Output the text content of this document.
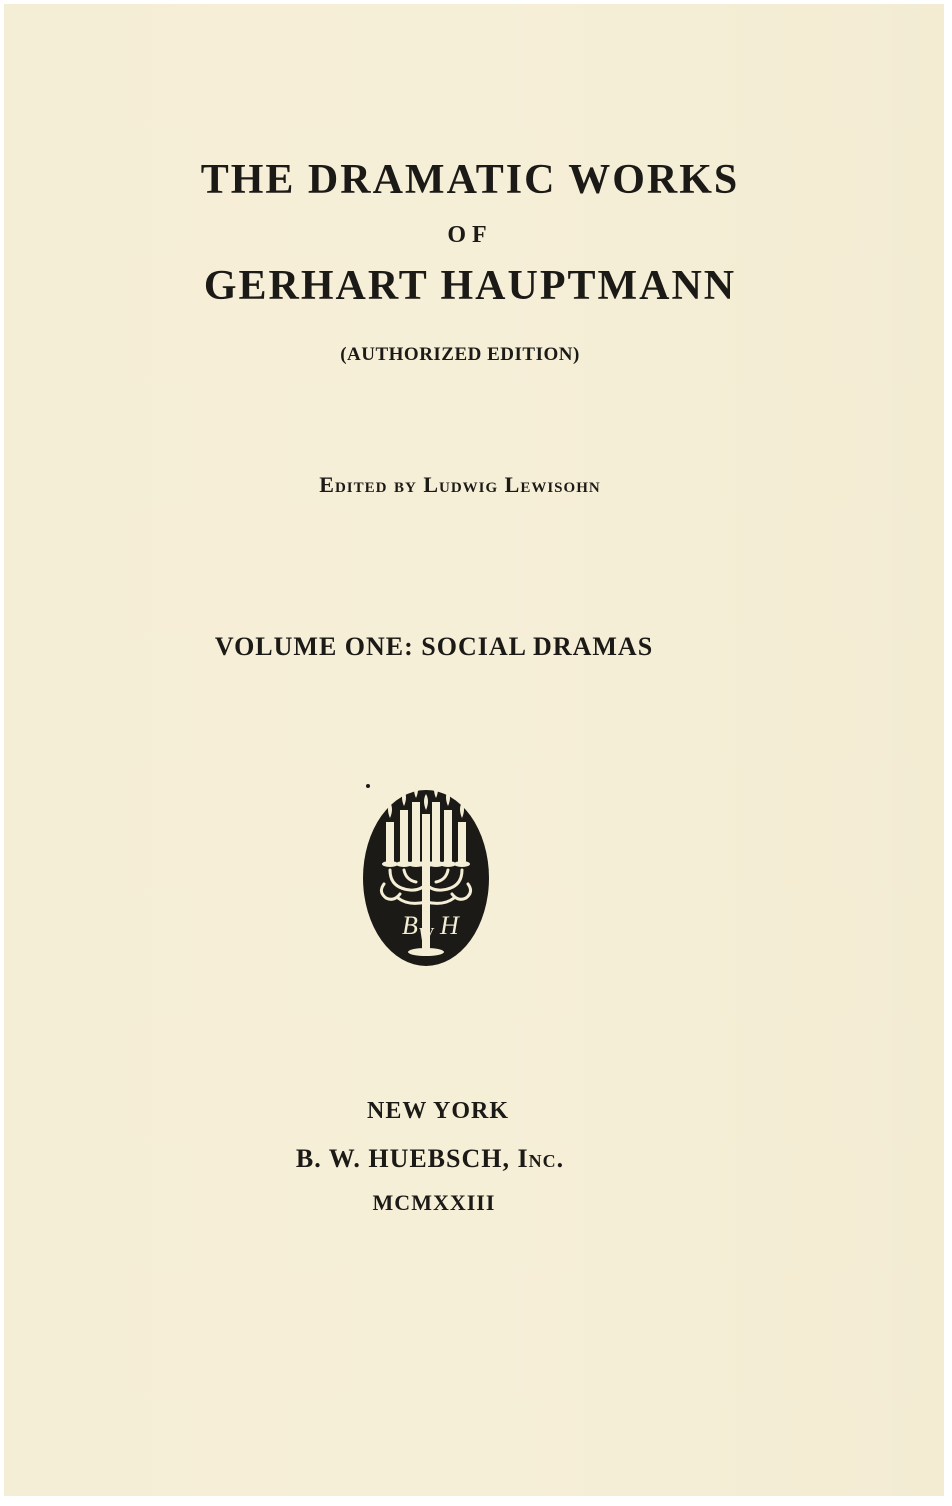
THE DRAMATIC WORKS
OF
GERHART HAUPTMANN
(AUTHORIZED EDITION)
Edited by Ludwig Lewisohn
VOLUME ONE: SOCIAL DRAMAS
B W H
NEW YORK
B. W. HUEBSCH, Inc.
MCMXXIII
